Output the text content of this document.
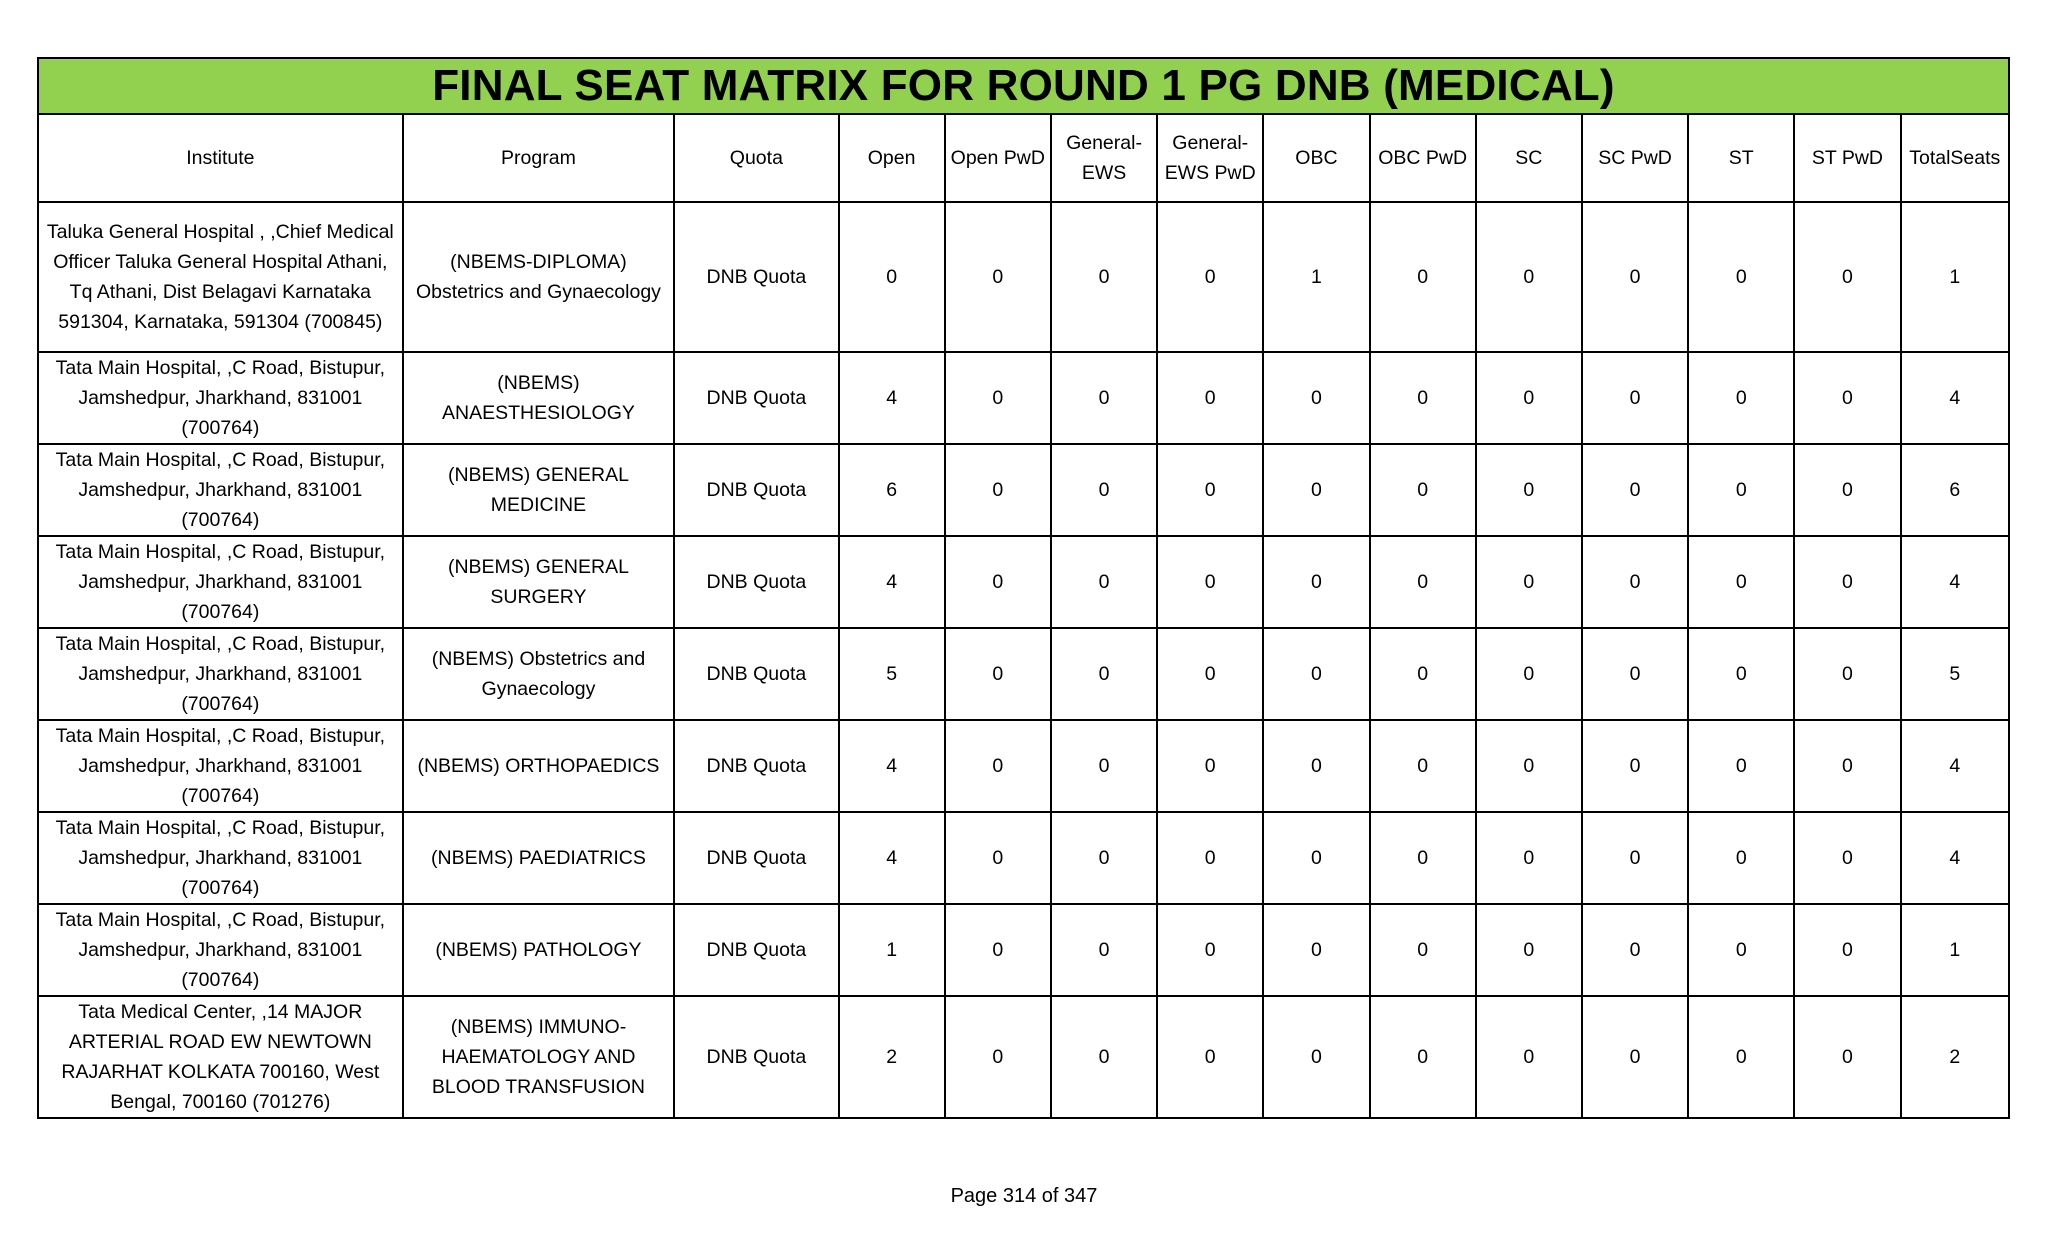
FINAL SEAT MATRIX FOR ROUND 1 PG DNB (MEDICAL)													
Institute	Program	Quota	Open	Open PwD	General-EWS	General-EWS PwD	OBC	OBC PwD	SC	SC PwD	ST	ST PwD	TotalSeats
Taluka General Hospital , ,Chief Medical Officer Taluka General Hospital Athani, Tq Athani, Dist Belagavi Karnataka 591304, Karnataka, 591304 (700845)	(NBEMS-DIPLOMA) Obstetrics and Gynaecology	DNB Quota	0	0	0	0	1	0	0	0	0	0	1
Tata Main Hospital, ,C Road, Bistupur, Jamshedpur, Jharkhand, 831001 (700764)	(NBEMS) ANAESTHESIOLOGY	DNB Quota	4	0	0	0	0	0	0	0	0	0	4
Tata Main Hospital, ,C Road, Bistupur, Jamshedpur, Jharkhand, 831001 (700764)	(NBEMS) GENERAL MEDICINE	DNB Quota	6	0	0	0	0	0	0	0	0	0	6
Tata Main Hospital, ,C Road, Bistupur, Jamshedpur, Jharkhand, 831001 (700764)	(NBEMS) GENERAL SURGERY	DNB Quota	4	0	0	0	0	0	0	0	0	0	4
Tata Main Hospital, ,C Road, Bistupur, Jamshedpur, Jharkhand, 831001 (700764)	(NBEMS) Obstetrics and Gynaecology	DNB Quota	5	0	0	0	0	0	0	0	0	0	5
Tata Main Hospital, ,C Road, Bistupur, Jamshedpur, Jharkhand, 831001 (700764)	(NBEMS) ORTHOPAEDICS	DNB Quota	4	0	0	0	0	0	0	0	0	0	4
Tata Main Hospital, ,C Road, Bistupur, Jamshedpur, Jharkhand, 831001 (700764)	(NBEMS) PAEDIATRICS	DNB Quota	4	0	0	0	0	0	0	0	0	0	4
Tata Main Hospital, ,C Road, Bistupur, Jamshedpur, Jharkhand, 831001 (700764)	(NBEMS) PATHOLOGY	DNB Quota	1	0	0	0	0	0	0	0	0	0	1
Tata Medical Center, ,14 MAJOR ARTERIAL ROAD EW NEWTOWN RAJARHAT KOLKATA 700160, West Bengal, 700160 (701276)	(NBEMS) IMMUNO-HAEMATOLOGY AND BLOOD TRANSFUSION	DNB Quota	2	0	0	0	0	0	0	0	0	0	2
Page 314 of 347
